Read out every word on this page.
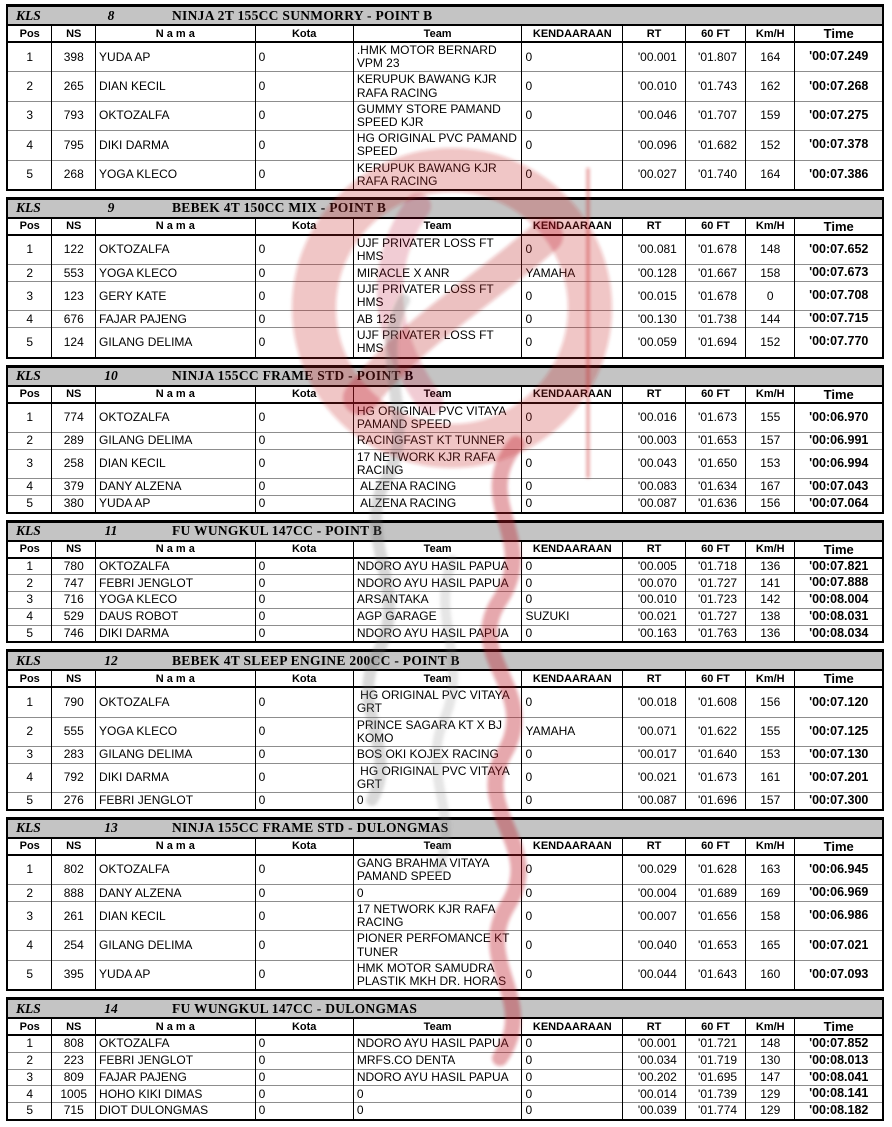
KLS	8	NINJA 2T 155CC SUNMORRY - POINT B
Pos	NS	N a m a	Kota	Team	KENDAARAAN	RT	60 FT	Km/H	Time
1	398	YUDA AP	0	.HMK MOTOR BERNARD VPM 23	0	'00.001	'01.807	164	'00:07.249
2	265	DIAN KECIL	0	KERUPUK BAWANG KJR RAFA RACING	0	'00.010	'01.743	162	'00:07.268
3	793	OKTOZALFA	0	GUMMY STORE PAMAND SPEED KJR	0	'00.046	'01.707	159	'00:07.275
4	795	DIKI DARMA	0	HG ORIGINAL PVC PAMAND SPEED	0	'00.096	'01.682	152	'00:07.378
5	268	YOGA KLECO	0	KERUPUK BAWANG KJR RAFA RACING	0	'00.027	'01.740	164	'00:07.386
KLS	9	BEBEK 4T 150CC MIX - POINT B
Pos	NS	N a m a	Kota	Team	KENDAARAAN	RT	60 FT	Km/H	Time
1	122	OKTOZALFA	0	UJF PRIVATER LOSS FT HMS	0	'00.081	'01.678	148	'00:07.652
2	553	YOGA KLECO	0	MIRACLE X ANR	YAMAHA	'00.128	'01.667	158	'00:07.673
3	123	GERY KATE	0	UJF PRIVATER LOSS FT HMS	0	'00.015	'01.678	0	'00:07.708
4	676	FAJAR PAJENG	0	AB 125	0	'00.130	'01.738	144	'00:07.715
5	124	GILANG DELIMA	0	UJF PRIVATER LOSS FT HMS	0	'00.059	'01.694	152	'00:07.770
KLS	10	NINJA 155CC FRAME STD - POINT B
Pos	NS	N a m a	Kota	Team	KENDAARAAN	RT	60 FT	Km/H	Time
1	774	OKTOZALFA	0	HG ORIGINAL PVC VITAYA PAMAND SPEED	0	'00.016	'01.673	155	'00:06.970
2	289	GILANG DELIMA	0	RACINGFAST KT TUNNER	0	'00.003	'01.653	157	'00:06.991
3	258	DIAN KECIL	0	17 NETWORK KJR RAFA RACING	0	'00.043	'01.650	153	'00:06.994
4	379	DANY ALZENA	0	ALZENA RACING	0	'00.083	'01.634	167	'00:07.043
5	380	YUDA AP	0	ALZENA RACING	0	'00.087	'01.636	156	'00:07.064
KLS	11	FU WUNGKUL 147CC - POINT B
Pos	NS	N a m a	Kota	Team	KENDAARAAN	RT	60 FT	Km/H	Time
1	780	OKTOZALFA	0	NDORO AYU HASIL PAPUA	0	'00.005	'01.718	136	'00:07.821
2	747	FEBRI JENGLOT	0	NDORO AYU HASIL PAPUA	0	'00.070	'01.727	141	'00:07.888
3	716	YOGA KLECO	0	ARSANTAKA	0	'00.010	'01.723	142	'00:08.004
4	529	DAUS ROBOT	0	AGP GARAGE	SUZUKI	'00.021	'01.727	138	'00:08.031
5	746	DIKI DARMA	0	NDORO AYU HASIL PAPUA	0	'00.163	'01.763	136	'00:08.034
KLS	12	BEBEK 4T SLEEP ENGINE 200CC - POINT B
Pos	NS	N a m a	Kota	Team	KENDAARAAN	RT	60 FT	Km/H	Time
1	790	OKTOZALFA	0	HG ORIGINAL PVC VITAYA GRT	0	'00.018	'01.608	156	'00:07.120
2	555	YOGA KLECO	0	PRINCE SAGARA KT X BJ KOMO	YAMAHA	'00.071	'01.622	155	'00:07.125
3	283	GILANG DELIMA	0	BOS OKI KOJEX RACING	0	'00.017	'01.640	153	'00:07.130
4	792	DIKI DARMA	0	HG ORIGINAL PVC VITAYA GRT	0	'00.021	'01.673	161	'00:07.201
5	276	FEBRI JENGLOT	0	0	0	'00.087	'01.696	157	'00:07.300
KLS	13	NINJA 155CC FRAME STD - DULONGMAS
Pos	NS	N a m a	Kota	Team	KENDAARAAN	RT	60 FT	Km/H	Time
1	802	OKTOZALFA	0	GANG BRAHMA VITAYA PAMAND SPEED	0	'00.029	'01.628	163	'00:06.945
2	888	DANY ALZENA	0	0	0	'00.004	'01.689	169	'00:06.969
3	261	DIAN KECIL	0	17 NETWORK KJR RAFA RACING	0	'00.007	'01.656	158	'00:06.986
4	254	GILANG DELIMA	0	PIONER PERFOMANCE KT TUNER	0	'00.040	'01.653	165	'00:07.021
5	395	YUDA AP	0	HMK MOTOR SAMUDRA PLASTIK MKH DR. HORAS	0	'00.044	'01.643	160	'00:07.093
KLS	14	FU WUNGKUL 147CC - DULONGMAS
Pos	NS	N a m a	Kota	Team	KENDAARAAN	RT	60 FT	Km/H	Time
1	808	OKTOZALFA	0	NDORO AYU HASIL PAPUA	0	'00.001	'01.721	148	'00:07.852
2	223	FEBRI JENGLOT	0	MRFS.CO DENTA	0	'00.034	'01.719	130	'00:08.013
3	809	FAJAR PAJENG	0	NDORO AYU HASIL PAPUA	0	'00.202	'01.695	147	'00:08.041
4	1005	HOHO KIKI DIMAS	0	0	0	'00.014	'01.739	129	'00:08.141
5	715	DIOT DULONGMAS	0	0	0	'00.039	'01.774	129	'00:08.182
